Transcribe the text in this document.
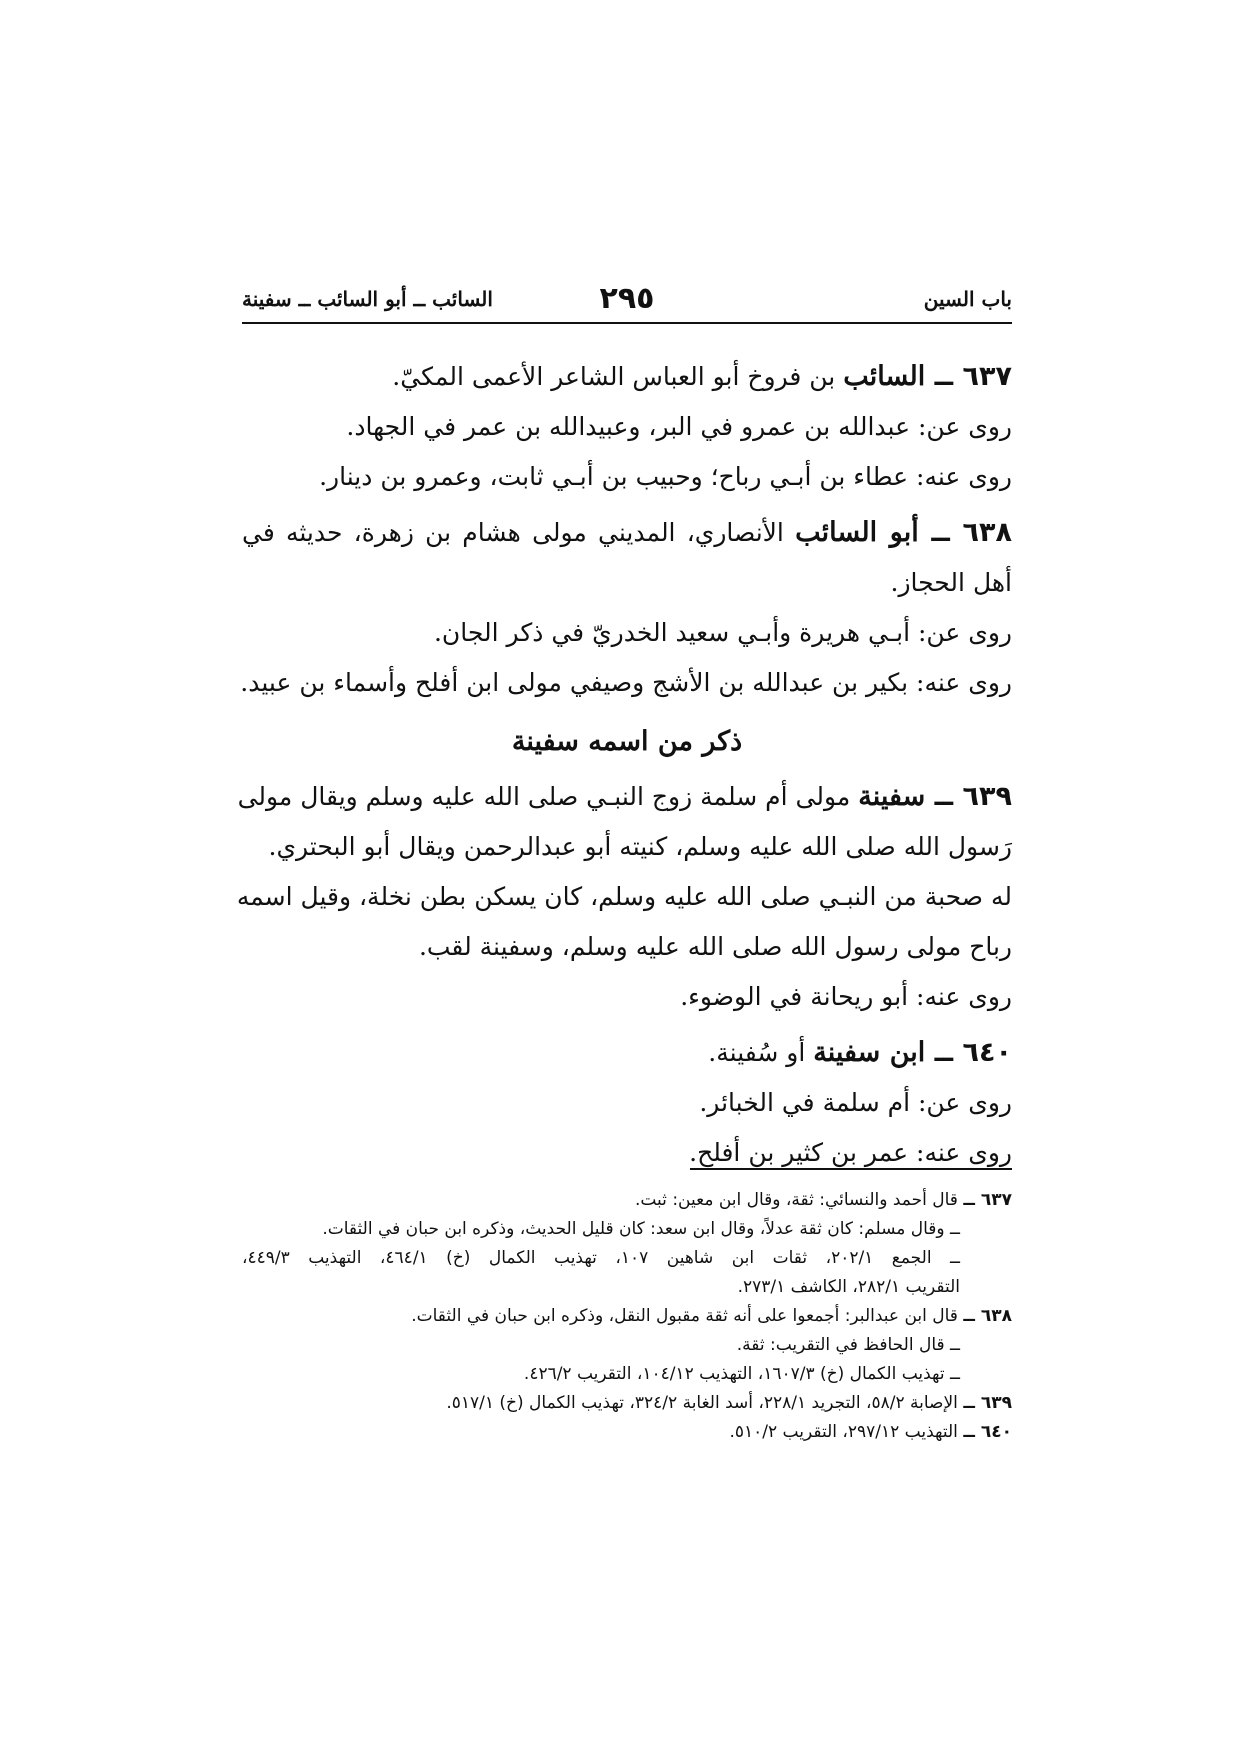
باب السين
٢٩٥
السائب ــ أبو السائب ــ سفينة
٦٣٧ ــ السائب بن فروخ أبو العباس الشاعر الأعمى المكيّ.
روى عن: عبدالله بن عمرو في البر، وعبيدالله بن عمر في الجهاد.
روى عنه: عطاء بن أبـي رباح؛ وحبيب بن أبـي ثابت، وعمرو بن دينار.
٦٣٨ ــ أبو السائب الأنصاري، المديني مولى هشام بن زهرة، حديثه في
أهل الحجاز.
روى عن: أبـي هريرة وأبـي سعيد الخدريّ في ذكر الجان.
روى عنه: بكير بن عبدالله بن الأشج وصيفي مولى ابن أفلح وأسماء بن عبيد.
ذكر من اسمه سفينة
٦٣٩ ــ سفينة مولى أم سلمة زوج النبـي صلى الله عليه وسلم ويقال مولى
رَسول الله صلى الله عليه وسلم، كنيته أبو عبدالرحمن ويقال أبو البحتري.
له صحبة من النبـي صلى الله عليه وسلم، كان يسكن بطن نخلة، وقيل اسمه
رباح مولى رسول الله صلى الله عليه وسلم، وسفينة لقب.
روى عنه: أبو ريحانة في الوضوء.
٦٤٠ ــ ابن سفينة أو سُفينة.
روى عن: أم سلمة في الخبائر.
روى عنه: عمر بن كثير بن أفلح.
٦٣٧ ــ قال أحمد والنسائي: ثقة، وقال ابن معين: ثبت.
ــ وقال مسلم: كان ثقة عدلاً، وقال ابن سعد: كان قليل الحديث، وذكره ابن حبان في الثقات.
ــ الجمع ٢٠٢/١، ثقات ابن شاهين ١٠٧، تهذيب الكمال (خ) ٤٦٤/١، التهذيب ٤٤٩/٣،
التقريب ٢٨٢/١، الكاشف ٢٧٣/١.
٦٣٨ ــ قال ابن عبدالبر: أجمعوا على أنه ثقة مقبول النقل، وذكره ابن حبان في الثقات.
ــ قال الحافظ في التقريب: ثقة.
ــ تهذيب الكمال (خ) ١٦٠٧/٣، التهذيب ١٠٤/١٢، التقريب ٤٢٦/٢.
٦٣٩ ــ الإصابة ٥٨/٢، التجريد ٢٢٨/١، أسد الغابة ٣٢٤/٢، تهذيب الكمال (خ) ٥١٧/١.
٦٤٠ ــ التهذيب ٢٩٧/١٢، التقريب ٥١٠/٢.
